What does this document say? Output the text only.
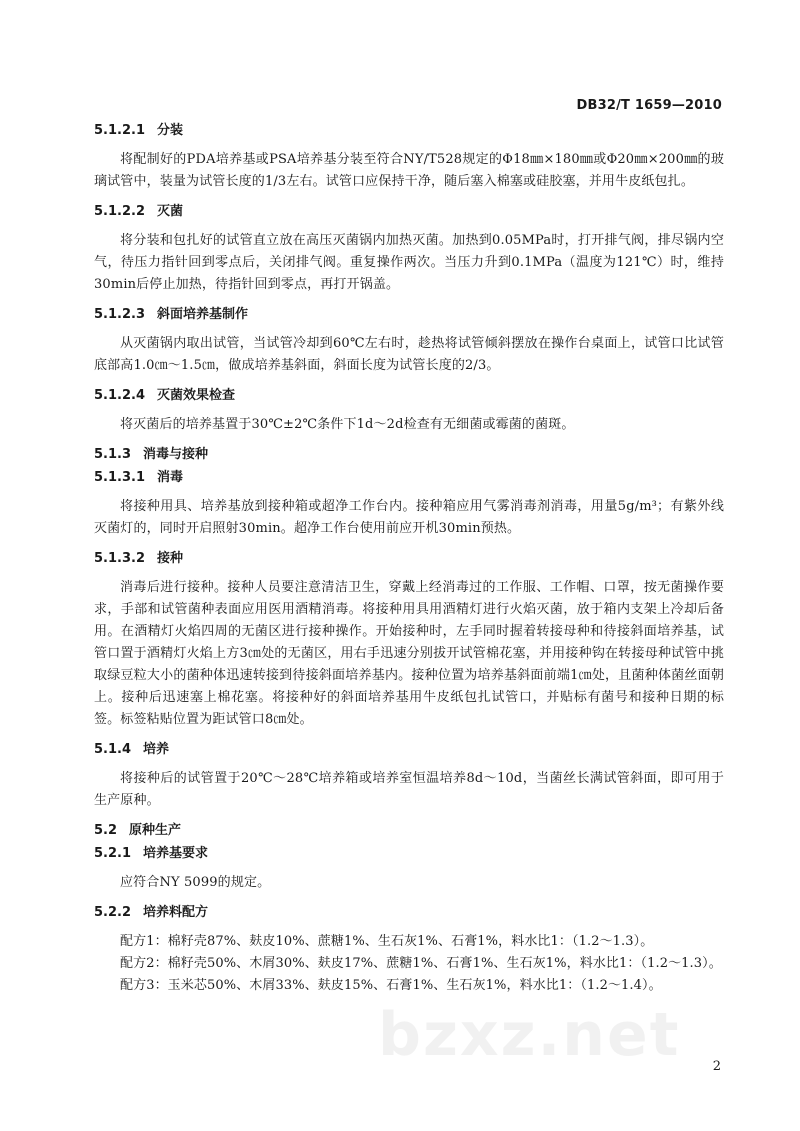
DB32/T 1659—2010
5.1.2.1 分装

将配制好的PDA培养基或PSA培养基分装至符合NY/T528规定的Φ18㎜×180㎜或Φ20㎜×200㎜的玻璃试管中，装量为试管长度的1/3左右。试管口应保持干净，随后塞入棉塞或硅胶塞，并用牛皮纸包扎。

5.1.2.2 灭菌

将分装和包扎好的试管直立放在高压灭菌锅内加热灭菌。加热到0.05MPa时，打开排气阀，排尽锅内空气，待压力指针回到零点后，关闭排气阀。重复操作两次。当压力升到0.1MPa（温度为121℃）时，维持30min后停止加热，待指针回到零点，再打开锅盖。

5.1.2.3 斜面培养基制作

从灭菌锅内取出试管，当试管冷却到60℃左右时，趁热将试管倾斜摆放在操作台桌面上，试管口比试管底部高1.0㎝～1.5㎝，做成培养基斜面，斜面长度为试管长度的2/3。

5.1.2.4 灭菌效果检查

将灭菌后的培养基置于30℃±2℃条件下1d～2d检查有无细菌或霉菌的菌斑。

5.1.3 消毒与接种
5.1.3.1 消毒

将接种用具、培养基放到接种箱或超净工作台内。接种箱应用气雾消毒剂消毒，用量5g/m³；有紫外线灭菌灯的，同时开启照射30min。超净工作台使用前应开机30min预热。

5.1.3.2 接种

消毒后进行接种。接种人员要注意清洁卫生，穿戴上经消毒过的工作服、工作帽、口罩，按无菌操作要求，手部和试管菌种表面应用医用酒精消毒。将接种用具用酒精灯进行火焰灭菌，放于箱内支架上冷却后备用。在酒精灯火焰四周的无菌区进行接种操作。开始接种时，左手同时握着转接母种和待接斜面培养基，试管口置于酒精灯火焰上方3㎝处的无菌区，用右手迅速分别拔开试管棉花塞，并用接种钩在转接母种试管中挑取绿豆粒大小的菌种体迅速转接到待接斜面培养基内。接种位置为培养基斜面前端1㎝处，且菌种体菌丝面朝上。接种后迅速塞上棉花塞。将接种好的斜面培养基用牛皮纸包扎试管口，并贴标有菌号和接种日期的标签。标签粘贴位置为距试管口8㎝处。

5.1.4 培养

将接种后的试管置于20℃～28℃培养箱或培养室恒温培养8d～10d，当菌丝长满试管斜面，即可用于生产原种。

5.2 原种生产
5.2.1 培养基要求

应符合NY 5099的规定。

5.2.2 培养料配方

配方1：棉籽壳87%、麸皮10%、蔗糖1%、生石灰1%、石膏1%，料水比1：（1.2～1.3）。

配方2：棉籽壳50%、木屑30%、麸皮17%、蔗糖1%、石膏1%、生石灰1%，料水比1：（1.2～1.3）。

配方3：玉米芯50%、木屑33%、麸皮15%、石膏1%、生石灰1%，料水比1：（1.2～1.4）。

bzxz.net 2
